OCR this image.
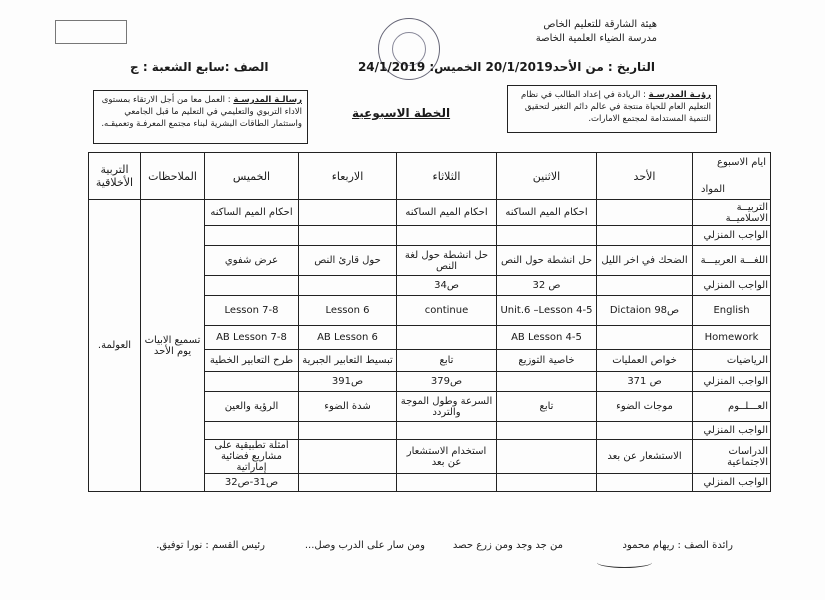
هيئة الشارقة للتعليم الخاص
مدرسة الضياء العلمية الخاصة
التاريخ : من الأحد20/1/2019 الخميس: 24/1/2019
الصف :سابع الشعبة : ج
رؤيـة المدرسـة : الريادة في إعداد الطالب في نظام التعليم العام للحياة منتجة في عالم دائم التغير لتحقيق التنمية المستدامة لمجتمع الامارات.
رسالـة المدرسـة : العمل معا من أجل الارتقاء بمستوى الاداء التربوي والتعليمي في التعليم ما قبل الجامعي واستثمار الطاقات البشرية لبناء مجتمع المعرفـة وتعميقـه.
الخطة الاسبوعية
ايام الاسبوع
المواد	الأحد	الاثنين	الثلاثاء	الاربعاء	الخميس	الملاحظات	التربية الأخلاقية
التربيــة الاسلاميــة		احكام الميم الساكنه	احكام الميم الساكنه		احكام الميم الساكنه	تسميع الابيات يوم الأحد	العولمة.
الواجب المنزلي							
اللغـــة العربيـــة	الضحك في اخر الليل	حل انشطة حول النص	حل انشطة حول لغة النص	حول قارئ النص	عرض شفوي		
الواجب المنزلي		ص 32	ص34				
English	ص98 Dictaion	Unit.6 –Lesson 4-5	continue	Lesson 6	Lesson 7-8		
Homework		AB Lesson 4-5		AB Lesson 6	AB Lesson 7-8		
الرياضيات	خواص العمليات	خاصية التوزيع	تابع	تبسيط التعابير الجبرية	طرح التعابير الخطية		
الواجب المنزلي	ص 371		ص379	ص391			
العـــلــوم	موجات الضوء	تابع	السرعة وطول الموجة والتردد	شدة الضوء	الرؤية والعين		
الواجب المنزلي							
الدراسات الاجتماعية	الاستشعار عن بعد		استخدام الاستشعار عن بعد		أمثلة تطبيقية على مشاريع فضائية إماراتية		
الواجب المنزلي					ص31-ص32		
رائدة الصف : ريهام محمود
من جد وجد ومن زرع حصد
ومن سار على الدرب وصل...
رئيس القسم : نورا توفيق.
